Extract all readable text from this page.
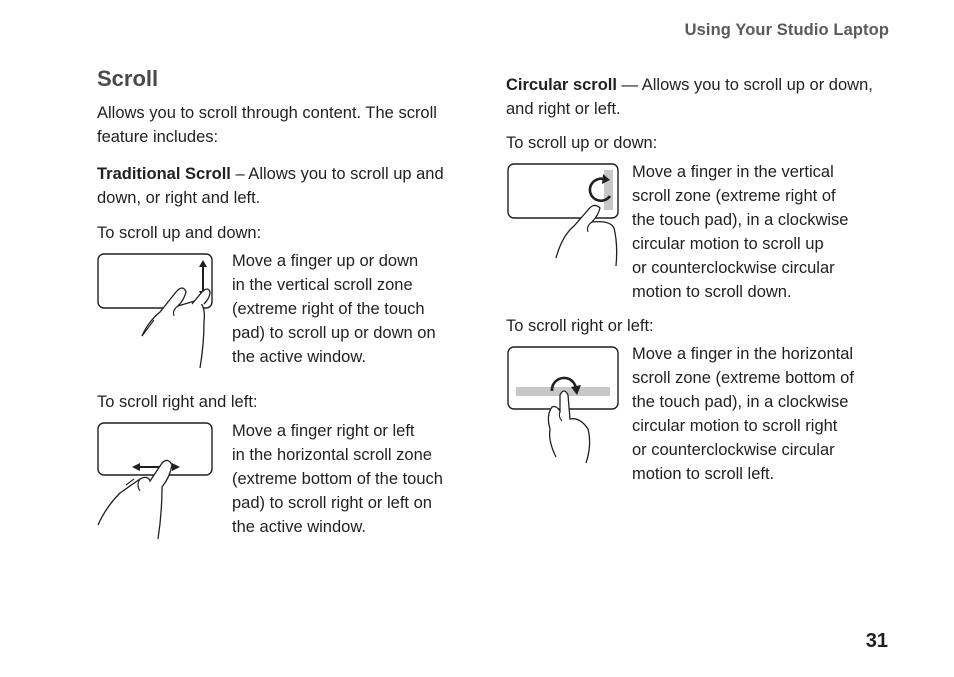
Using Your Studio Laptop
Scroll
Allows you to scroll through content. The scroll feature includes:
Traditional Scroll – Allows you to scroll up and down, or right and left.
To scroll up and down:
Move a finger up or down
in the vertical scroll zone
(extreme right of the touch
pad) to scroll up or down on
the active window.
To scroll right and left:
Move a finger right or left
in the horizontal scroll zone
(extreme bottom of the touch
pad) to scroll right or left on
the active window.
Circular scroll — Allows you to scroll up or down, and right or left.
To scroll up or down:
Move a finger in the vertical
scroll zone (extreme right of
the touch pad), in a clockwise
circular motion to scroll up
or counterclockwise circular
motion to scroll down.
To scroll right or left:
Move a finger in the horizontal
scroll zone (extreme bottom of
the touch pad), in a clockwise
circular motion to scroll right
or counterclockwise circular
motion to scroll left.
31
